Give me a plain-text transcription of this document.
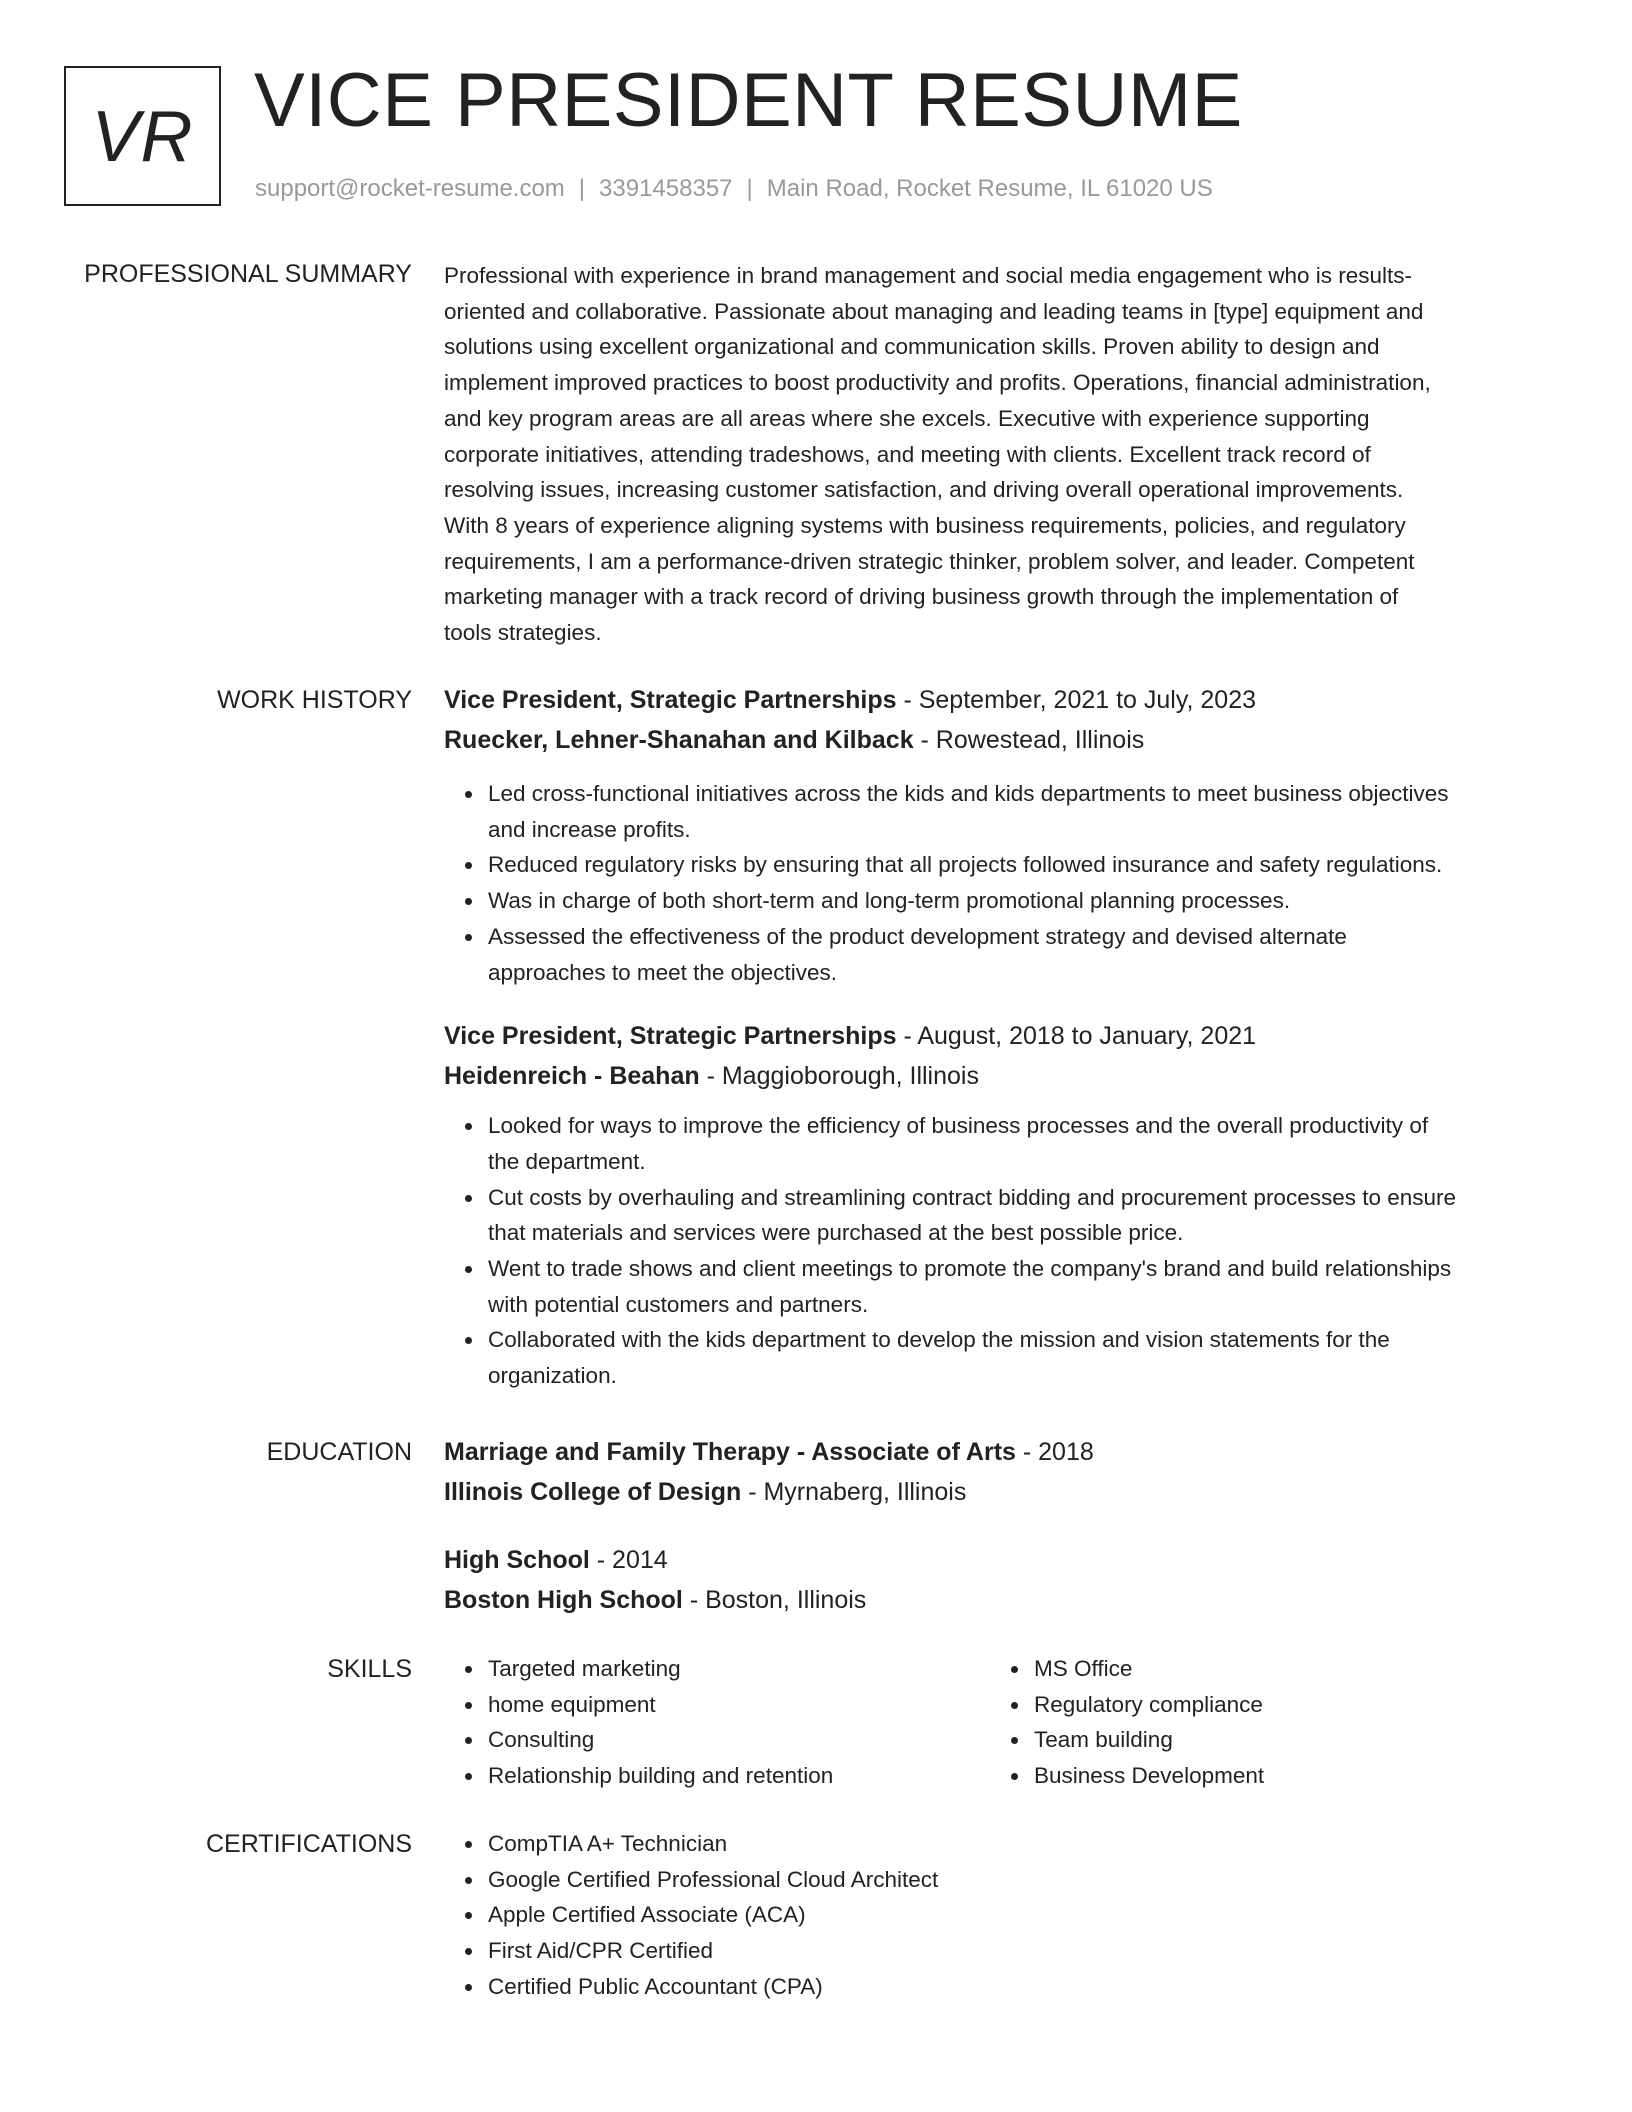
VR VICE PRESIDENT RESUME
support@rocket-resume.com | 3391458357 | Main Road, Rocket Resume, IL 61020 US
PROFESSIONAL SUMMARY Professional with experience in brand management and social media engagement who is results-
oriented and collaborative. Passionate about managing and leading teams in [type] equipment and
solutions using excellent organizational and communication skills. Proven ability to design and
implement improved practices to boost productivity and profits. Operations, financial administration,
and key program areas are all areas where she excels. Executive with experience supporting
corporate initiatives, attending tradeshows, and meeting with clients. Excellent track record of
resolving issues, increasing customer satisfaction, and driving overall operational improvements.
With 8 years of experience aligning systems with business requirements, policies, and regulatory
requirements, I am a performance-driven strategic thinker, problem solver, and leader. Competent
marketing manager with a track record of driving business growth through the implementation of
tools strategies.

WORK HISTORY Vice President, Strategic Partnerships - September, 2021 to July, 2023
Ruecker, Lehner-Shanahan and Kilback - Rowestead, Illinois
Led cross-functional initiatives across the kids and kids departments to meet business objectives
and increase profits.
Reduced regulatory risks by ensuring that all projects followed insurance and safety regulations.
Was in charge of both short-term and long-term promotional planning processes.
Assessed the effectiveness of the product development strategy and devised alternate
approaches to meet the objectives.
Vice President, Strategic Partnerships - August, 2018 to January, 2021
Heidenreich - Beahan - Maggioborough, Illinois
Looked for ways to improve the efficiency of business processes and the overall productivity of
the department.
Cut costs by overhauling and streamlining contract bidding and procurement processes to ensure
that materials and services were purchased at the best possible price.
Went to trade shows and client meetings to promote the company's brand and build relationships
with potential customers and partners.
Collaborated with the kids department to develop the mission and vision statements for the
organization.
EDUCATION Marriage and Family Therapy - Associate of Arts - 2018
Illinois College of Design - Myrnaberg, Illinois
High School - 2014
Boston High School - Boston, Illinois
SKILLS	Targeted marketing
home equipment
Consulting
Relationship building and retention
MS Office
Regulatory compliance
Team building
Business Development
CERTIFICATIONS	CompTIA A+ Technician
Google Certified Professional Cloud Architect
Apple Certified Associate (ACA)
First Aid/CPR Certified
Certified Public Accountant (CPA)
